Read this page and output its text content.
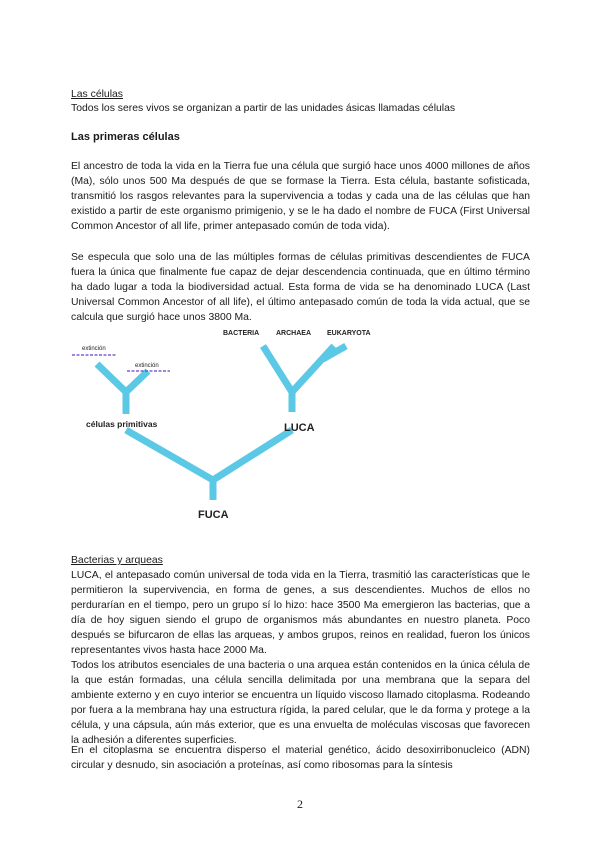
Las células
Todos los seres vivos se organizan a partir de las unidades ásicas llamadas células
Las primeras células
El ancestro de toda la vida en la Tierra fue una célula que surgió hace unos 4000 millones de años (Ma), sólo unos 500 Ma después de que se formase la Tierra. Esta célula, bastante sofisticada, transmitió los rasgos relevantes para la supervivencia a todas y cada una de las células que han existido a partir de este organismo primigenio, y se le ha dado el nombre de FUCA (First Universal Common Ancestor of all life, primer antepasado común de toda vida).
Se especula que solo una de las múltiples formas de células primitivas descendientes de FUCA fuera la única que finalmente fue capaz de dejar descendencia continuada, que en último término ha dado lugar a toda la biodiversidad actual. Esta forma de vida se ha denominado LUCA (Last Universal Common Ancestor of all life), el último antepasado común de toda la vida actual, que se calcula que surgió hace unos 3800 Ma.
extinción
extinción
células primitivas	LUCA
FUCA
BACTERIA ARCHAEA EUKARYOTA
Bacterias y arqueas
LUCA, el antepasado común universal de toda vida en la Tierra, trasmitió las características que le permitieron la supervivencia, en forma de genes, a sus descendientes. Muchos de ellos no perdurarían en el tiempo, pero un grupo sí lo hizo: hace 3500 Ma emergieron las bacterias, que a día de hoy siguen siendo el grupo de organismos más abundantes en nuestro planeta. Poco después se bifurcaron de ellas las arqueas, y ambos grupos, reinos en realidad, fueron los únicos representantes vivos hasta hace 2000 Ma.
Todos los atributos esenciales de una bacteria o una arquea están contenidos en la única célula de la que están formadas, una célula sencilla delimitada por una membrana que la separa del ambiente externo y en cuyo interior se encuentra un líquido viscoso llamado citoplasma. Rodeando por fuera a la membrana hay una estructura rígida, la pared celular, que le da forma y protege a la célula, y una cápsula, aún más exterior, que es una envuelta de moléculas viscosas que favorecen la adhesión a diferentes superficies.
En el citoplasma se encuentra disperso el material genético, ácido desoxirribonucleico (ADN) circular y desnudo, sin asociación a proteínas, así como ribosomas para la síntesis
2
